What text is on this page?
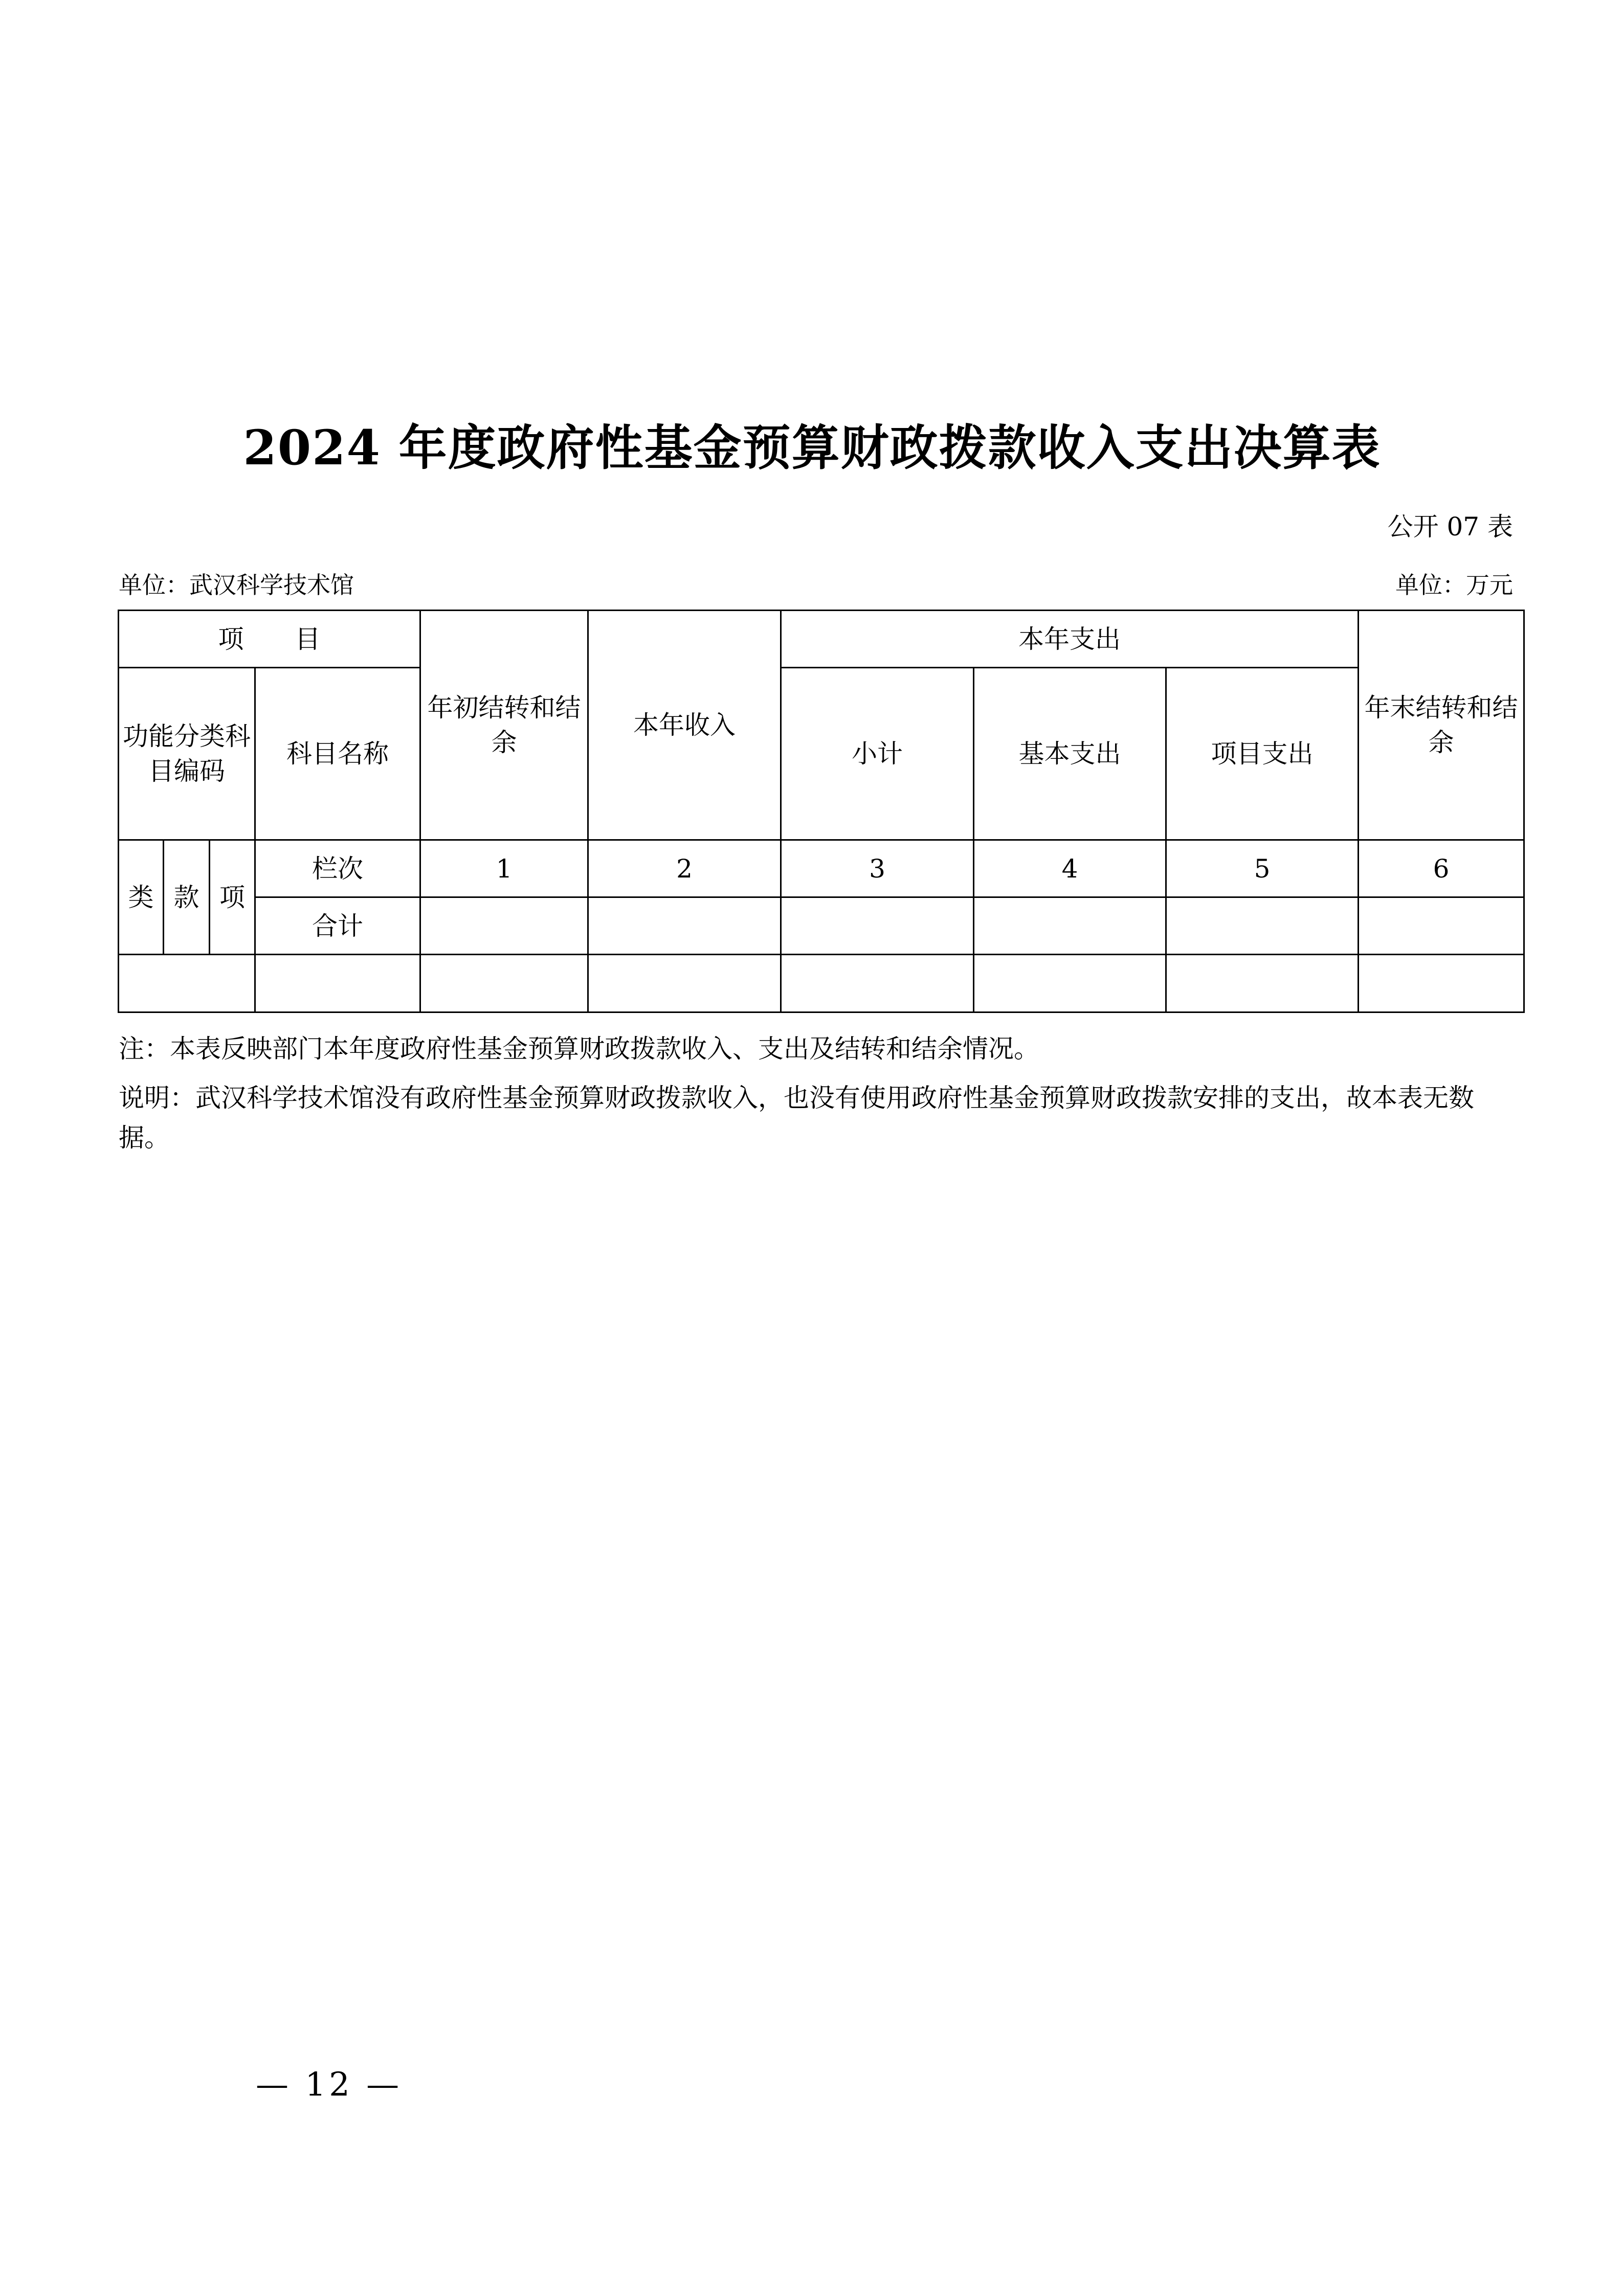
2024 年度政府性基金预算财政拨款收入支出决算表
公开 07 表
单位：武汉科学技术馆	单位：万元
项　　目				年初结转和结余	本年收入	本年支出			年末结转和结余
功能分类科目编码			科目名称			小计	基本支出	项目支出	
类	款	项	栏次	1	2	3	4	5	6
			合计						

注：本表反映部门本年度政府性基金预算财政拨款收入、支出及结转和结余情况。
说明：武汉科学技术馆没有政府性基金预算财政拨款收入，也没有使用政府性基金预算财政拨款安排的支出，故本表无数据。
— 12 —
